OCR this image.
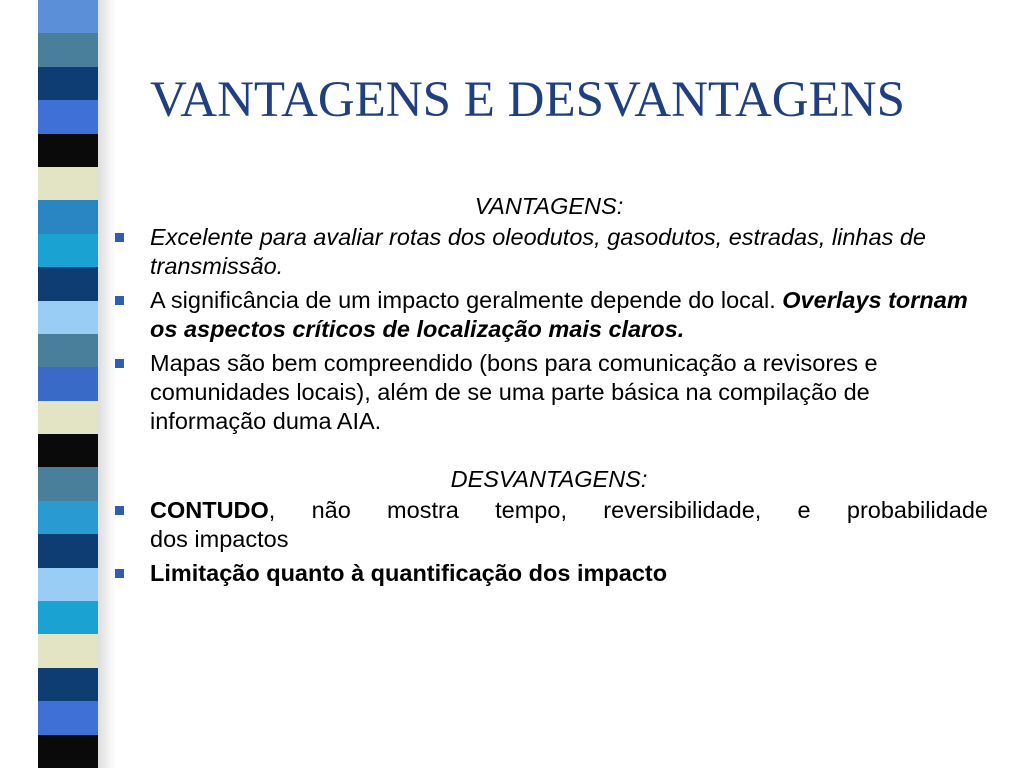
VANTAGENS E DESVANTAGENS
VANTAGENS:
Excelente para avaliar rotas dos oleodutos, gasodutos, estradas, linhas de transmissão.
A significância de um impacto geralmente depende do local. Overlays tornam os aspectos críticos de localização mais claros.
Mapas são bem compreendido (bons para comunicação a revisores e comunidades locais), além de se uma parte básica na compilação de informação duma AIA.
DESVANTAGENS:
CONTUDO, não mostra tempo, reversibilidade, e probabilidade
dos impactos
Limitação quanto à quantificação dos impacto
